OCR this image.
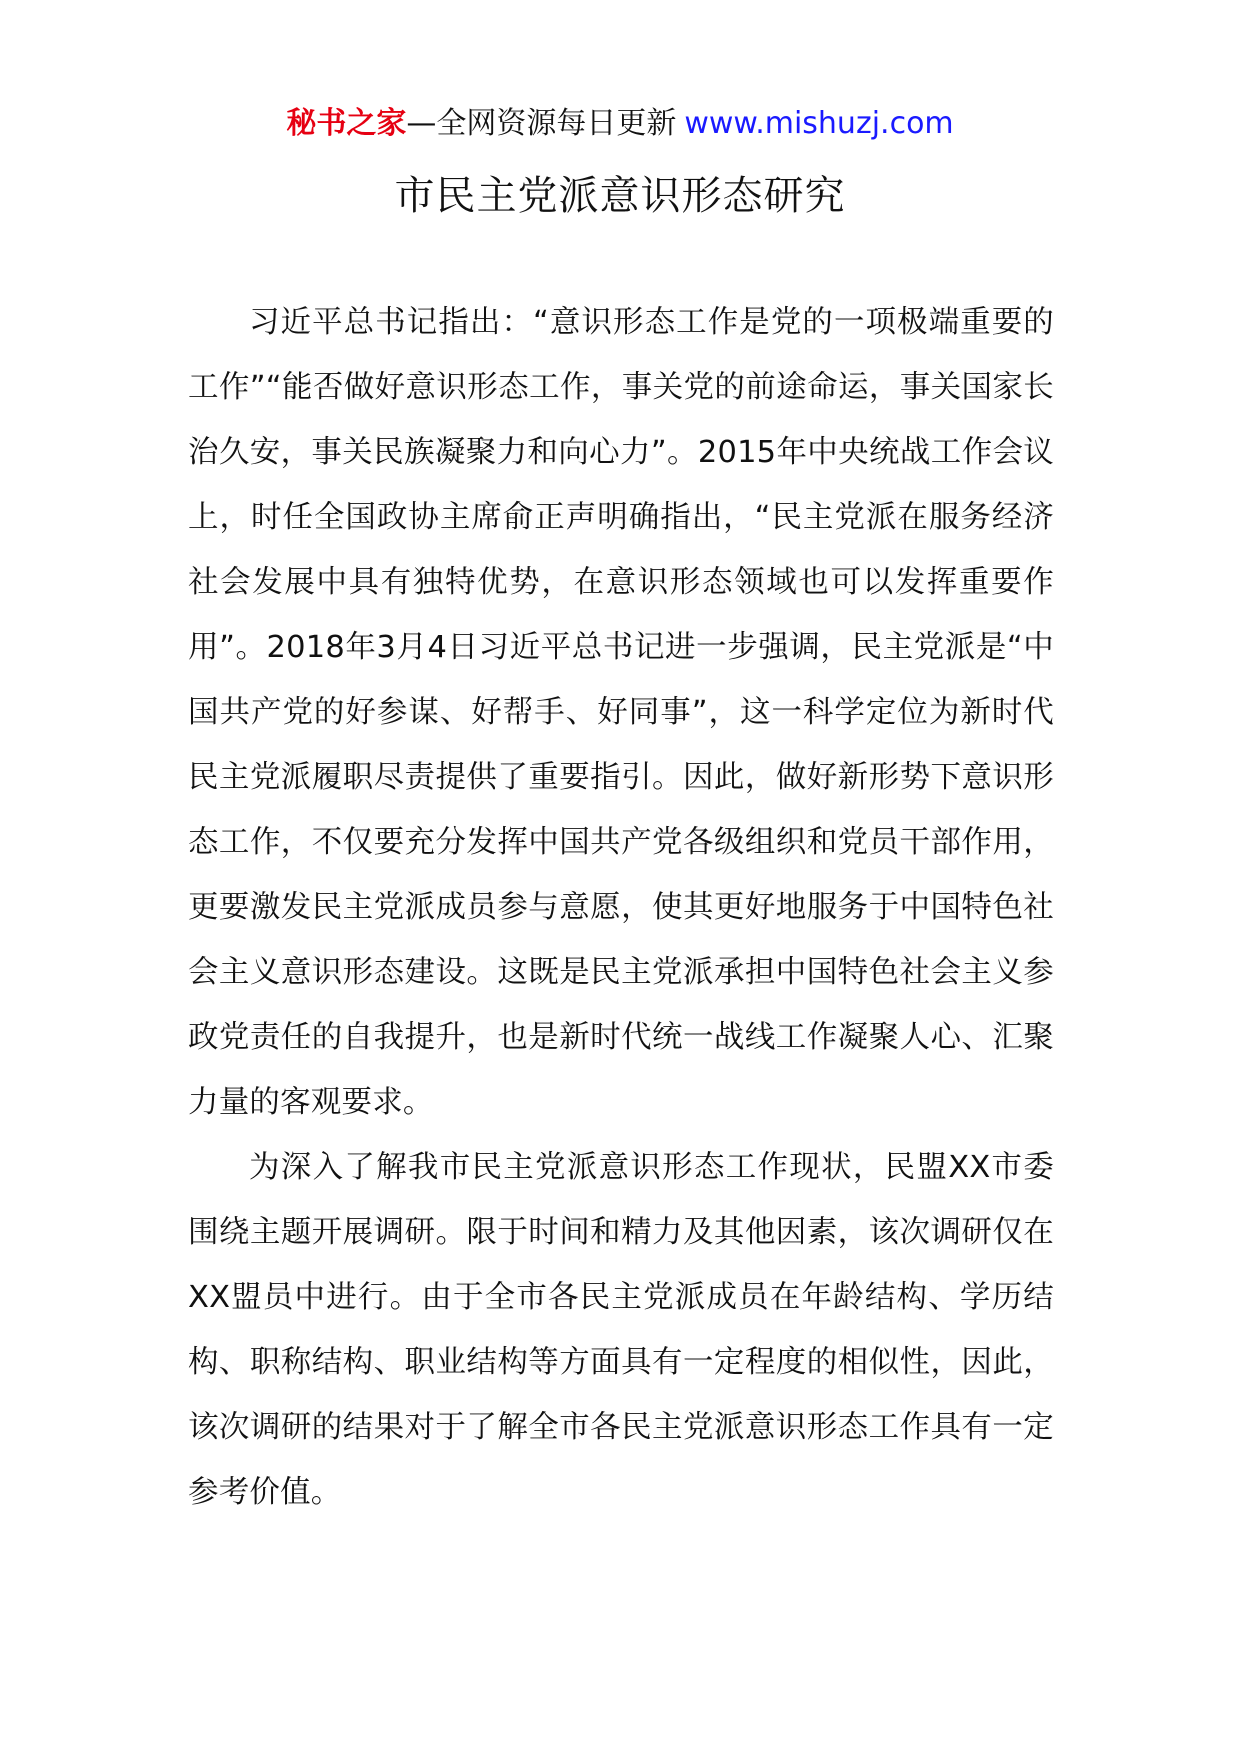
秘书之家—全网资源每日更新 www.mishuzj.com
市民主党派意识形态研究

习近平总书记指出：“意识形态工作是党的一项极端重要的工作”“能否做好意识形态工作，事关党的前途命运，事关国家长治久安，事关民族凝聚力和向心力”。2015年中央统战工作会议上，时任全国政协主席俞正声明确指出，“民主党派在服务经济社会发展中具有独特优势，在意识形态领域也可以发挥重要作用”。2018年3月4日习近平总书记进一步强调，民主党派是“中国共产党的好参谋、好帮手、好同事”，这一科学定位为新时代民主党派履职尽责提供了重要指引。因此，做好新形势下意识形态工作，不仅要充分发挥中国共产党各级组织和党员干部作用，更要激发民主党派成员参与意愿，使其更好地服务于中国特色社会主义意识形态建设。这既是民主党派承担中国特色社会主义参政党责任的自我提升，也是新时代统一战线工作凝聚人心、汇聚力量的客观要求。

为深入了解我市民主党派意识形态工作现状，民盟XX市委围绕主题开展调研。限于时间和精力及其他因素，该次调研仅在XX盟员中进行。由于全市各民主党派成员在年龄结构、学历结构、职称结构、职业结构等方面具有一定程度的相似性，因此，该次调研的结果对于了解全市各民主党派意识形态工作具有一定参考价值。
